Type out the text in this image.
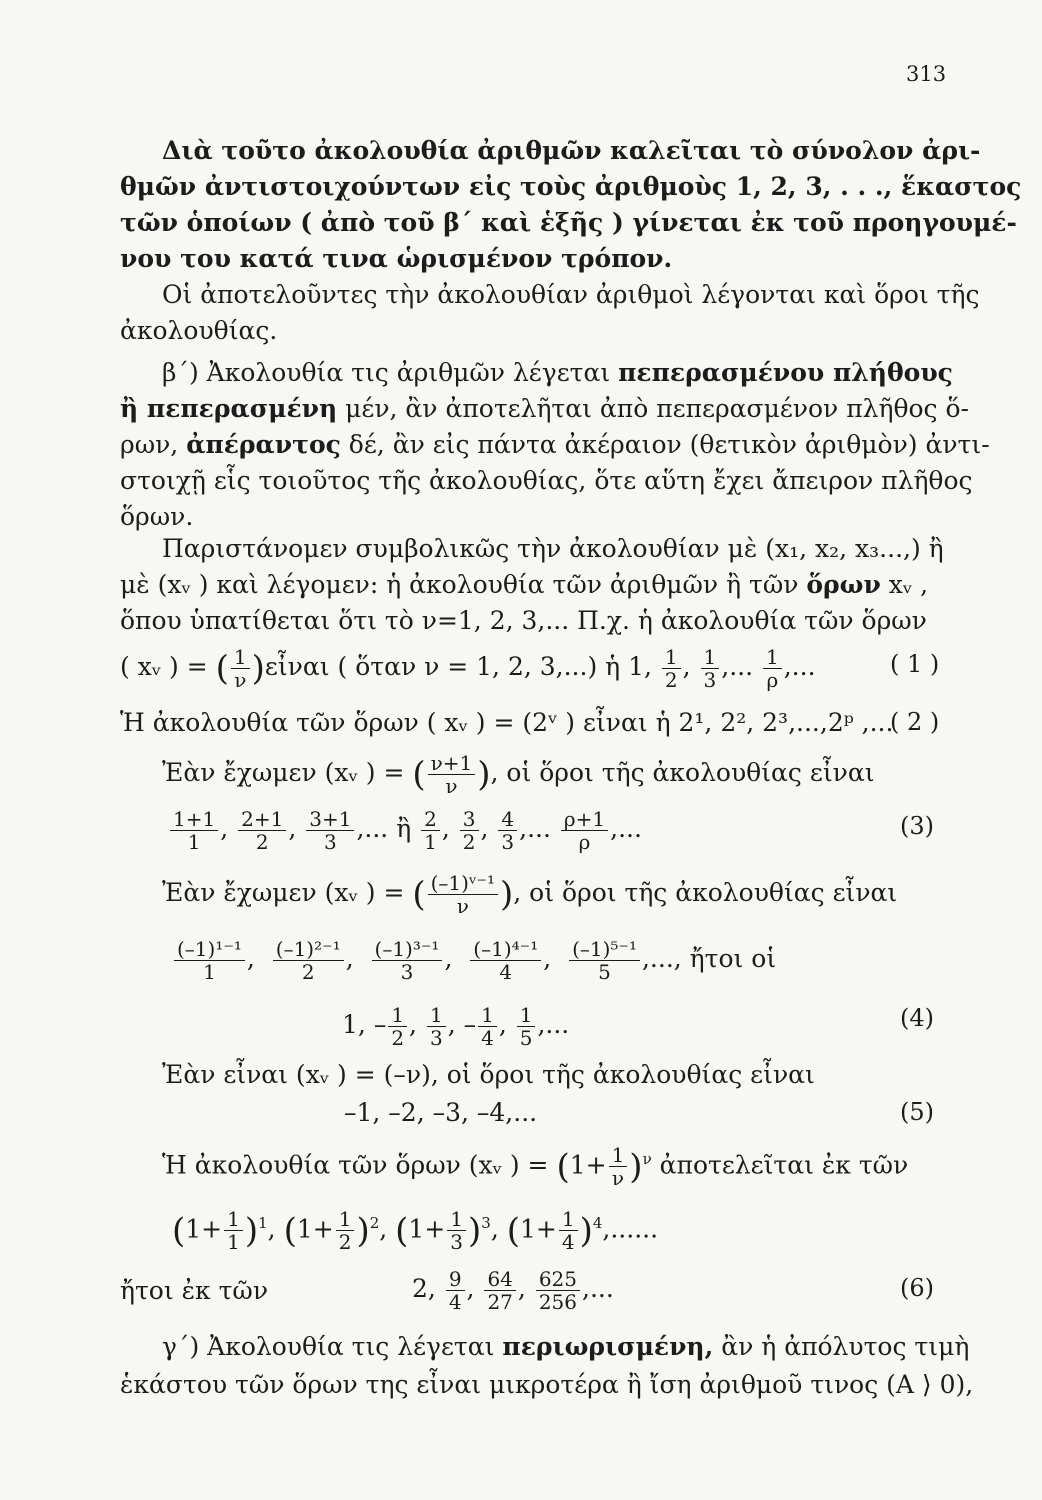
313
Διὰ τοῦτο ἀκολουθία ἀριθμῶν καλεῖται τὸ σύνολον ἀρι-
θμῶν ἀντιστοιχούντων εἰς τοὺς ἀριθμοὺς 1, 2, 3, . . ., ἕκαστος
τῶν ὁποίων ( ἀπὸ τοῦ β΄ καὶ ἑξῆς ) γίνεται ἐκ τοῦ προηγουμέ-
νου του κατά τινα ὡρισμένον τρόπον.
Οἱ ἀποτελοῦντες τὴν ἀκολουθίαν ἀριθμοὶ λέγονται καὶ ὅροι τῆς
ἀκολουθίας.
β΄) Ἀκολουθία τις ἀριθμῶν λέγεται πεπερασμένου πλήθους
ἢ πεπερασμένη μέν, ἂν ἀποτελῆται ἀπὸ πεπερασμένον πλῆθος ὅ-
ρων, ἀπέραντος δέ, ἂν εἰς πάντα ἀκέραιον (θετικὸν ἀριθμὸν) ἀντι-
στοιχῇ εἷς τοιοῦτος τῆς ἀκολουθίας, ὅτε αὕτη ἔχει ἄπειρον πλῆθος
ὅρων.
Παριστάνομεν συμβολικῶς τὴν ἀκολουθίαν μὲ (x₁, x₂, x₃...,) ἢ
μὲ (xᵥ ) καὶ λέγομεν: ἡ ἀκολουθία τῶν ἀριθμῶν ἢ τῶν ὅρων xᵥ ,
ὅπου ὑπατίθεται ὅτι τὸ ν=1, 2, 3,... Π.χ. ἡ ἀκολουθία τῶν ὅρων
( xᵥ ) = ( $\frac{1}{\nu}$ )εἶναι ( ὅταν ν = 1, 2, 3,...) ἡ 1, $\frac{1}{2}$ , $\frac{1}{3}$ ,... $\frac{1}{\rho}$ ,...	( 1 )
Ἡ ἀκολουθία τῶν ὅρων ( xᵥ ) = (2ᵛ ) εἶναι ἡ 2¹, 2², 2³,...,2ᵖ ,...
( 2 )
Ἐὰν ἔχωμεν (xᵥ ) = ( $\frac{\nu+1}{\nu}$ ), οἱ ὅροι τῆς ἀκολουθίας εἶναι
$\frac{1+1}{1}$ , $\frac{2+1}{2}$ , $\frac{3+1}{3}$ ,... ἢ $\frac{2}{1}$ , $\frac{3}{2}$ , $\frac{4}{3}$ ,... $\frac{\rho+1}{\rho}$ ,...	(3)
Ἐὰν ἔχωμεν (xᵥ ) = ( $\frac{\text{(–1)ᵛ⁻¹}}{\nu}$ ), οἱ ὅροι τῆς ἀκολουθίας εἶναι
$\frac{\text{(–1)¹⁻¹}}{1}$ , $\frac{\text{(–1)²⁻¹}}{2}$ , $\frac{\text{(–1)³⁻¹}}{3}$ , $\frac{\text{(–1)⁴⁻¹}}{4}$ , $\frac{\text{(–1)⁵⁻¹}}{5}$ ,..., ἤτοι οἱ
1, – $\frac{1}{2}$ , $\frac{1}{3}$ , – $\frac{1}{4}$ , $\frac{1}{5}$ ,...	(4)
Ἐὰν εἶναι (xᵥ ) = (–ν), οἱ ὅροι τῆς ἀκολουθίας εἶναι
–1, –2, –3, –4,...	(5)
Ἡ ἀκολουθία τῶν ὅρων (xᵥ ) = $(1+ \frac{1}{\nu} )^\nu$ ἀποτελεῖται ἐκ τῶν
$(1+ \frac{1}{1} )^1$, $(1+ \frac{1}{2} )^2$, $(1+ \frac{1}{3} )^3$, $(1+ \frac{1}{4} )^4$,......
ἤτοι ἐκ τῶν	2, $\frac{9}{4}$ , $\frac{64}{27}$ , $\frac{625}{256}$ ,...	(6)
γ΄) Ἀκολουθία τις λέγεται περιωρισμένη, ἂν ἡ ἀπόλυτος τιμὴ
ἑκάστου τῶν ὅρων της εἶναι μικροτέρα ἢ ἴση ἀριθμοῦ τινος (A ⟩ 0),
